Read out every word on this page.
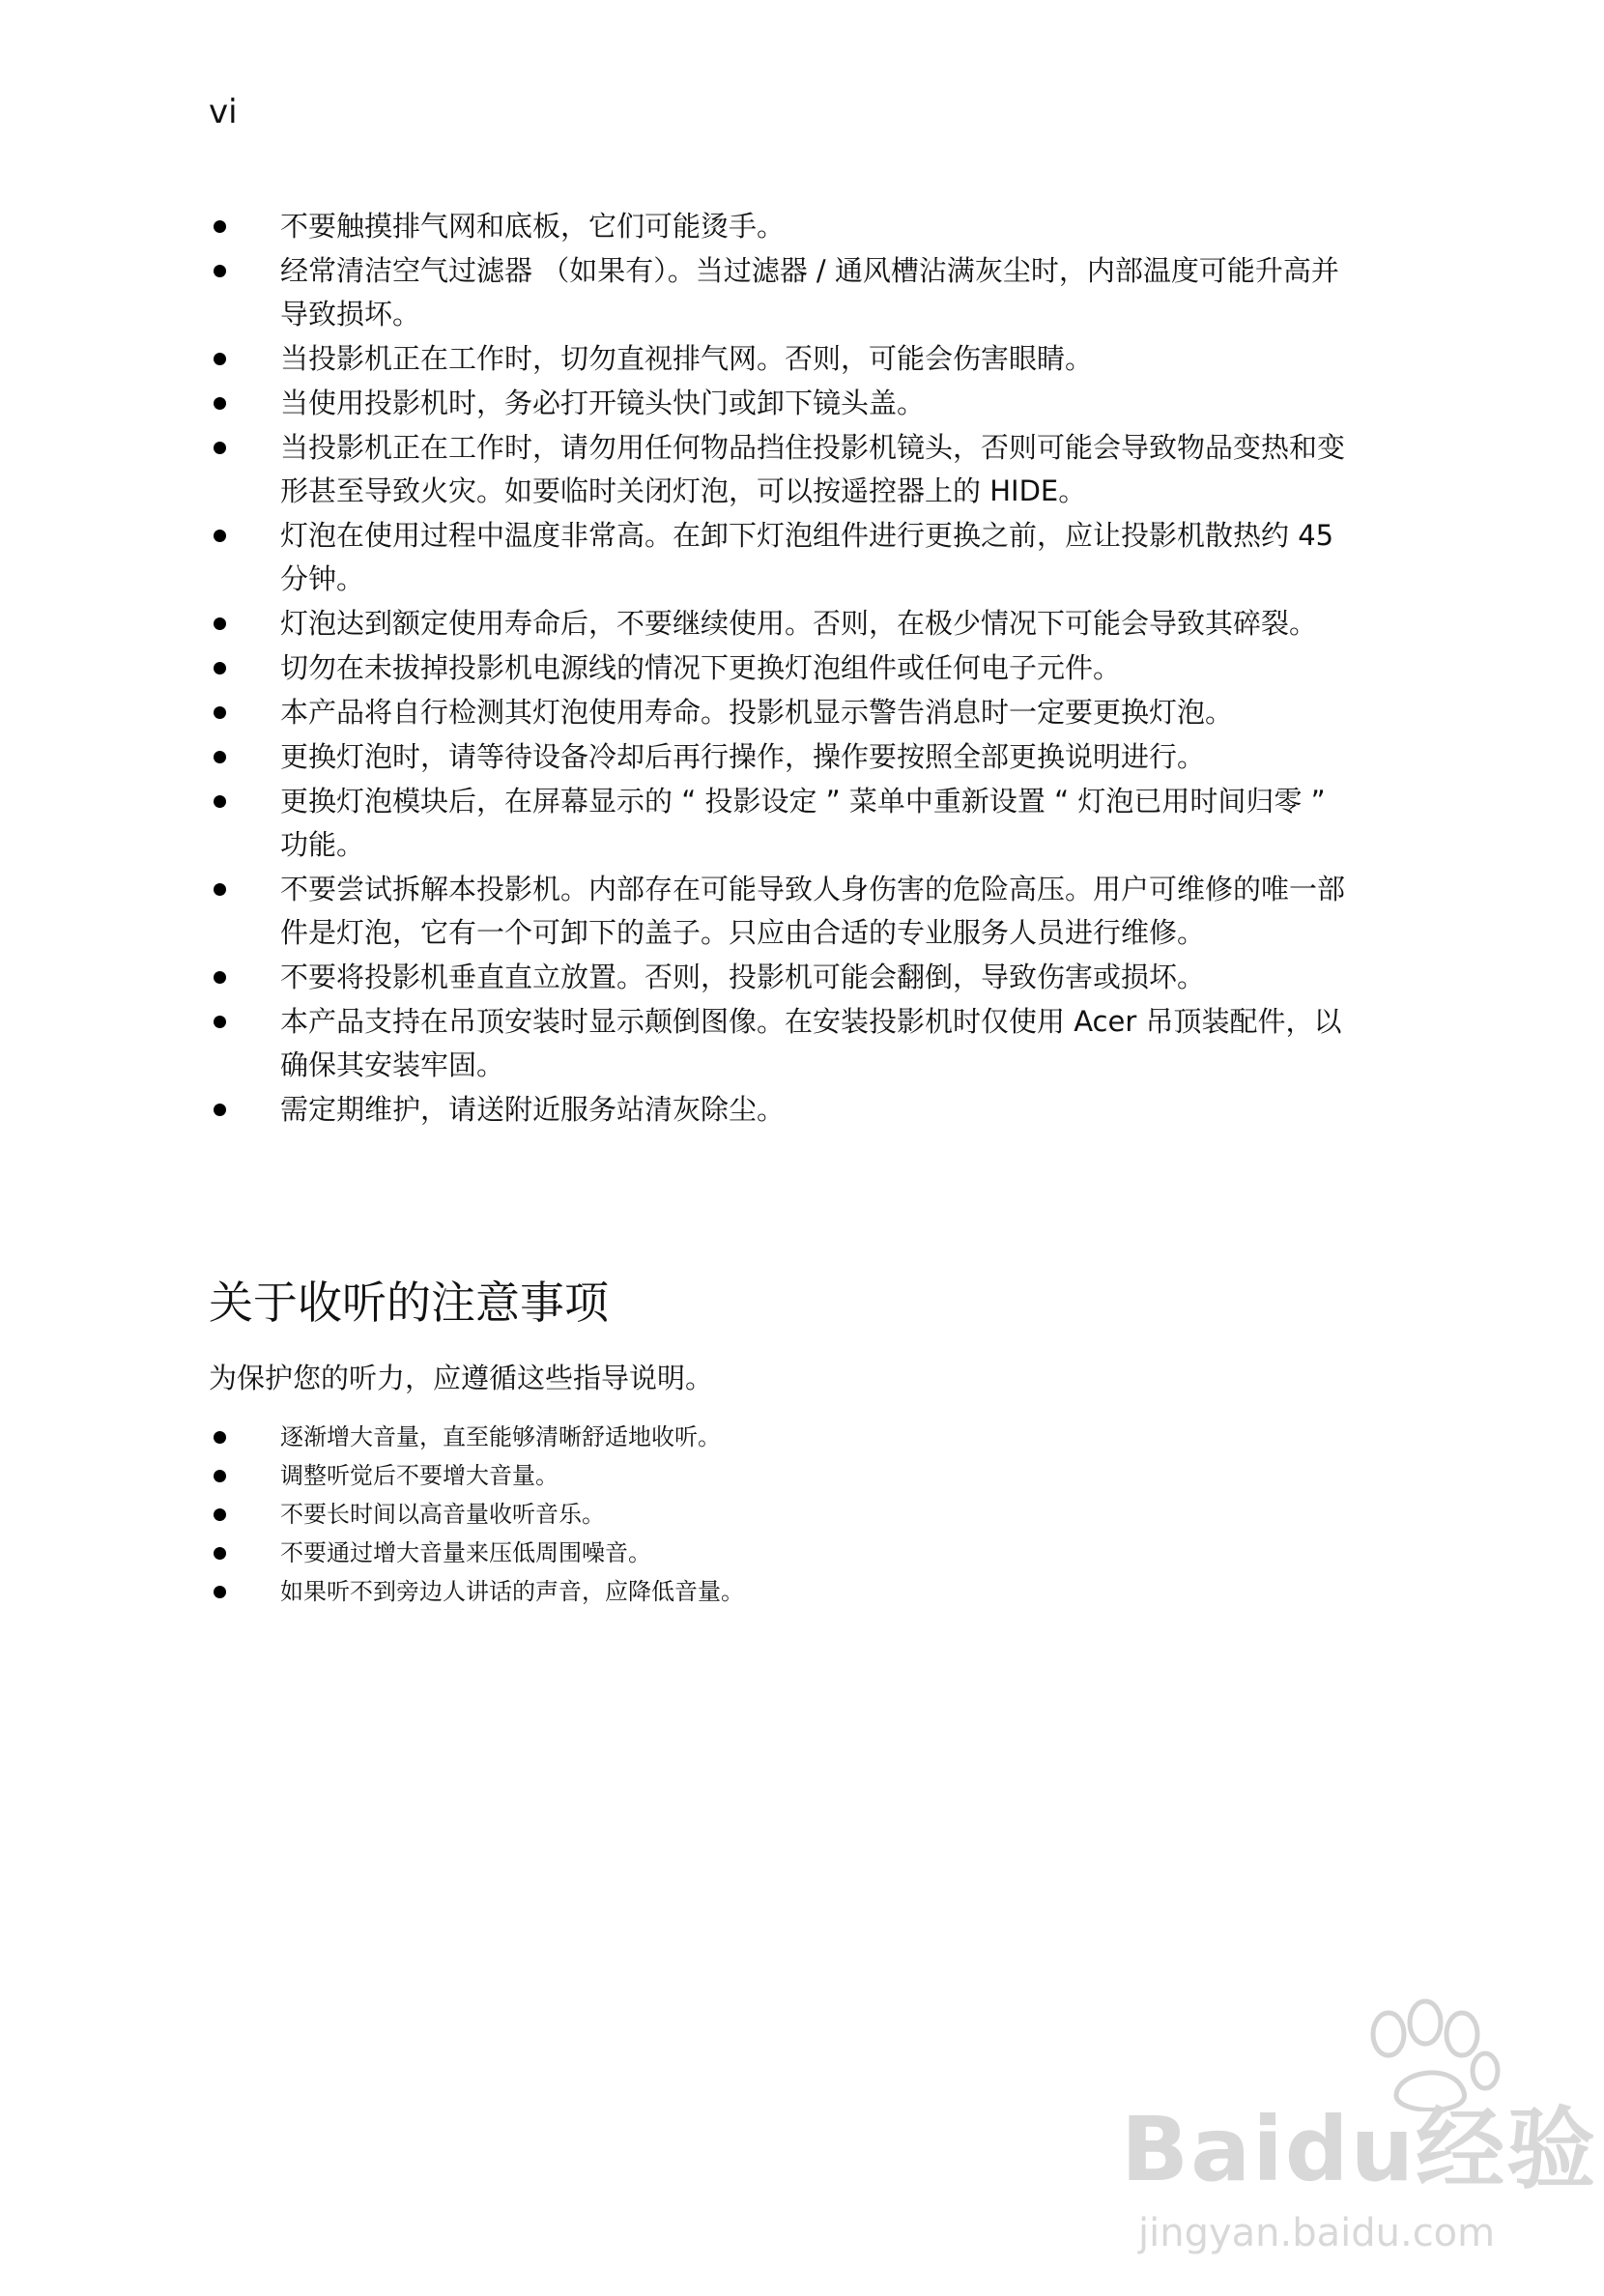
vi
不要触摸排气网和底板，它们可能烫手。
经常清洁空气过滤器 （如果有）。当过滤器 / 通风槽沾满灰尘时，内部温度可能升高并导致损坏。
当投影机正在工作时，切勿直视排气网。否则，可能会伤害眼睛。
当使用投影机时，务必打开镜头快门或卸下镜头盖。
当投影机正在工作时，请勿用任何物品挡住投影机镜头，否则可能会导致物品变热和变形甚至导致火灾。如要临时关闭灯泡，可以按遥控器上的 HIDE。
灯泡在使用过程中温度非常高。在卸下灯泡组件进行更换之前，应让投影机散热约 45 分钟。
灯泡达到额定使用寿命后，不要继续使用。否则，在极少情况下可能会导致其碎裂。
切勿在未拔掉投影机电源线的情况下更换灯泡组件或任何电子元件。
本产品将自行检测其灯泡使用寿命。投影机显示警告消息时一定要更换灯泡。
更换灯泡时，请等待设备冷却后再行操作，操作要按照全部更换说明进行。
更换灯泡模块后，在屏幕显示的 “ 投影设定 ” 菜单中重新设置 “ 灯泡已用时间归零 ” 功能。
不要尝试拆解本投影机。内部存在可能导致人身伤害的危险高压。用户可维修的唯一部件是灯泡，它有一个可卸下的盖子。只应由合适的专业服务人员进行维修。
不要将投影机垂直直立放置。否则，投影机可能会翻倒，导致伤害或损坏。
本产品支持在吊顶安装时显示颠倒图像。在安装投影机时仅使用 Acer 吊顶装配件，以确保其安装牢固。
需定期维护，请送附近服务站清灰除尘。
关于收听的注意事项

为保护您的听力，应遵循这些指导说明。

逐渐增大音量，直至能够清晰舒适地收听。
调整听觉后不要增大音量。
不要长时间以高音量收听音乐。
不要通过增大音量来压低周围噪音。
如果听不到旁边人讲话的声音，应降低音量。
Baidu经验
jingyan.baidu.com
